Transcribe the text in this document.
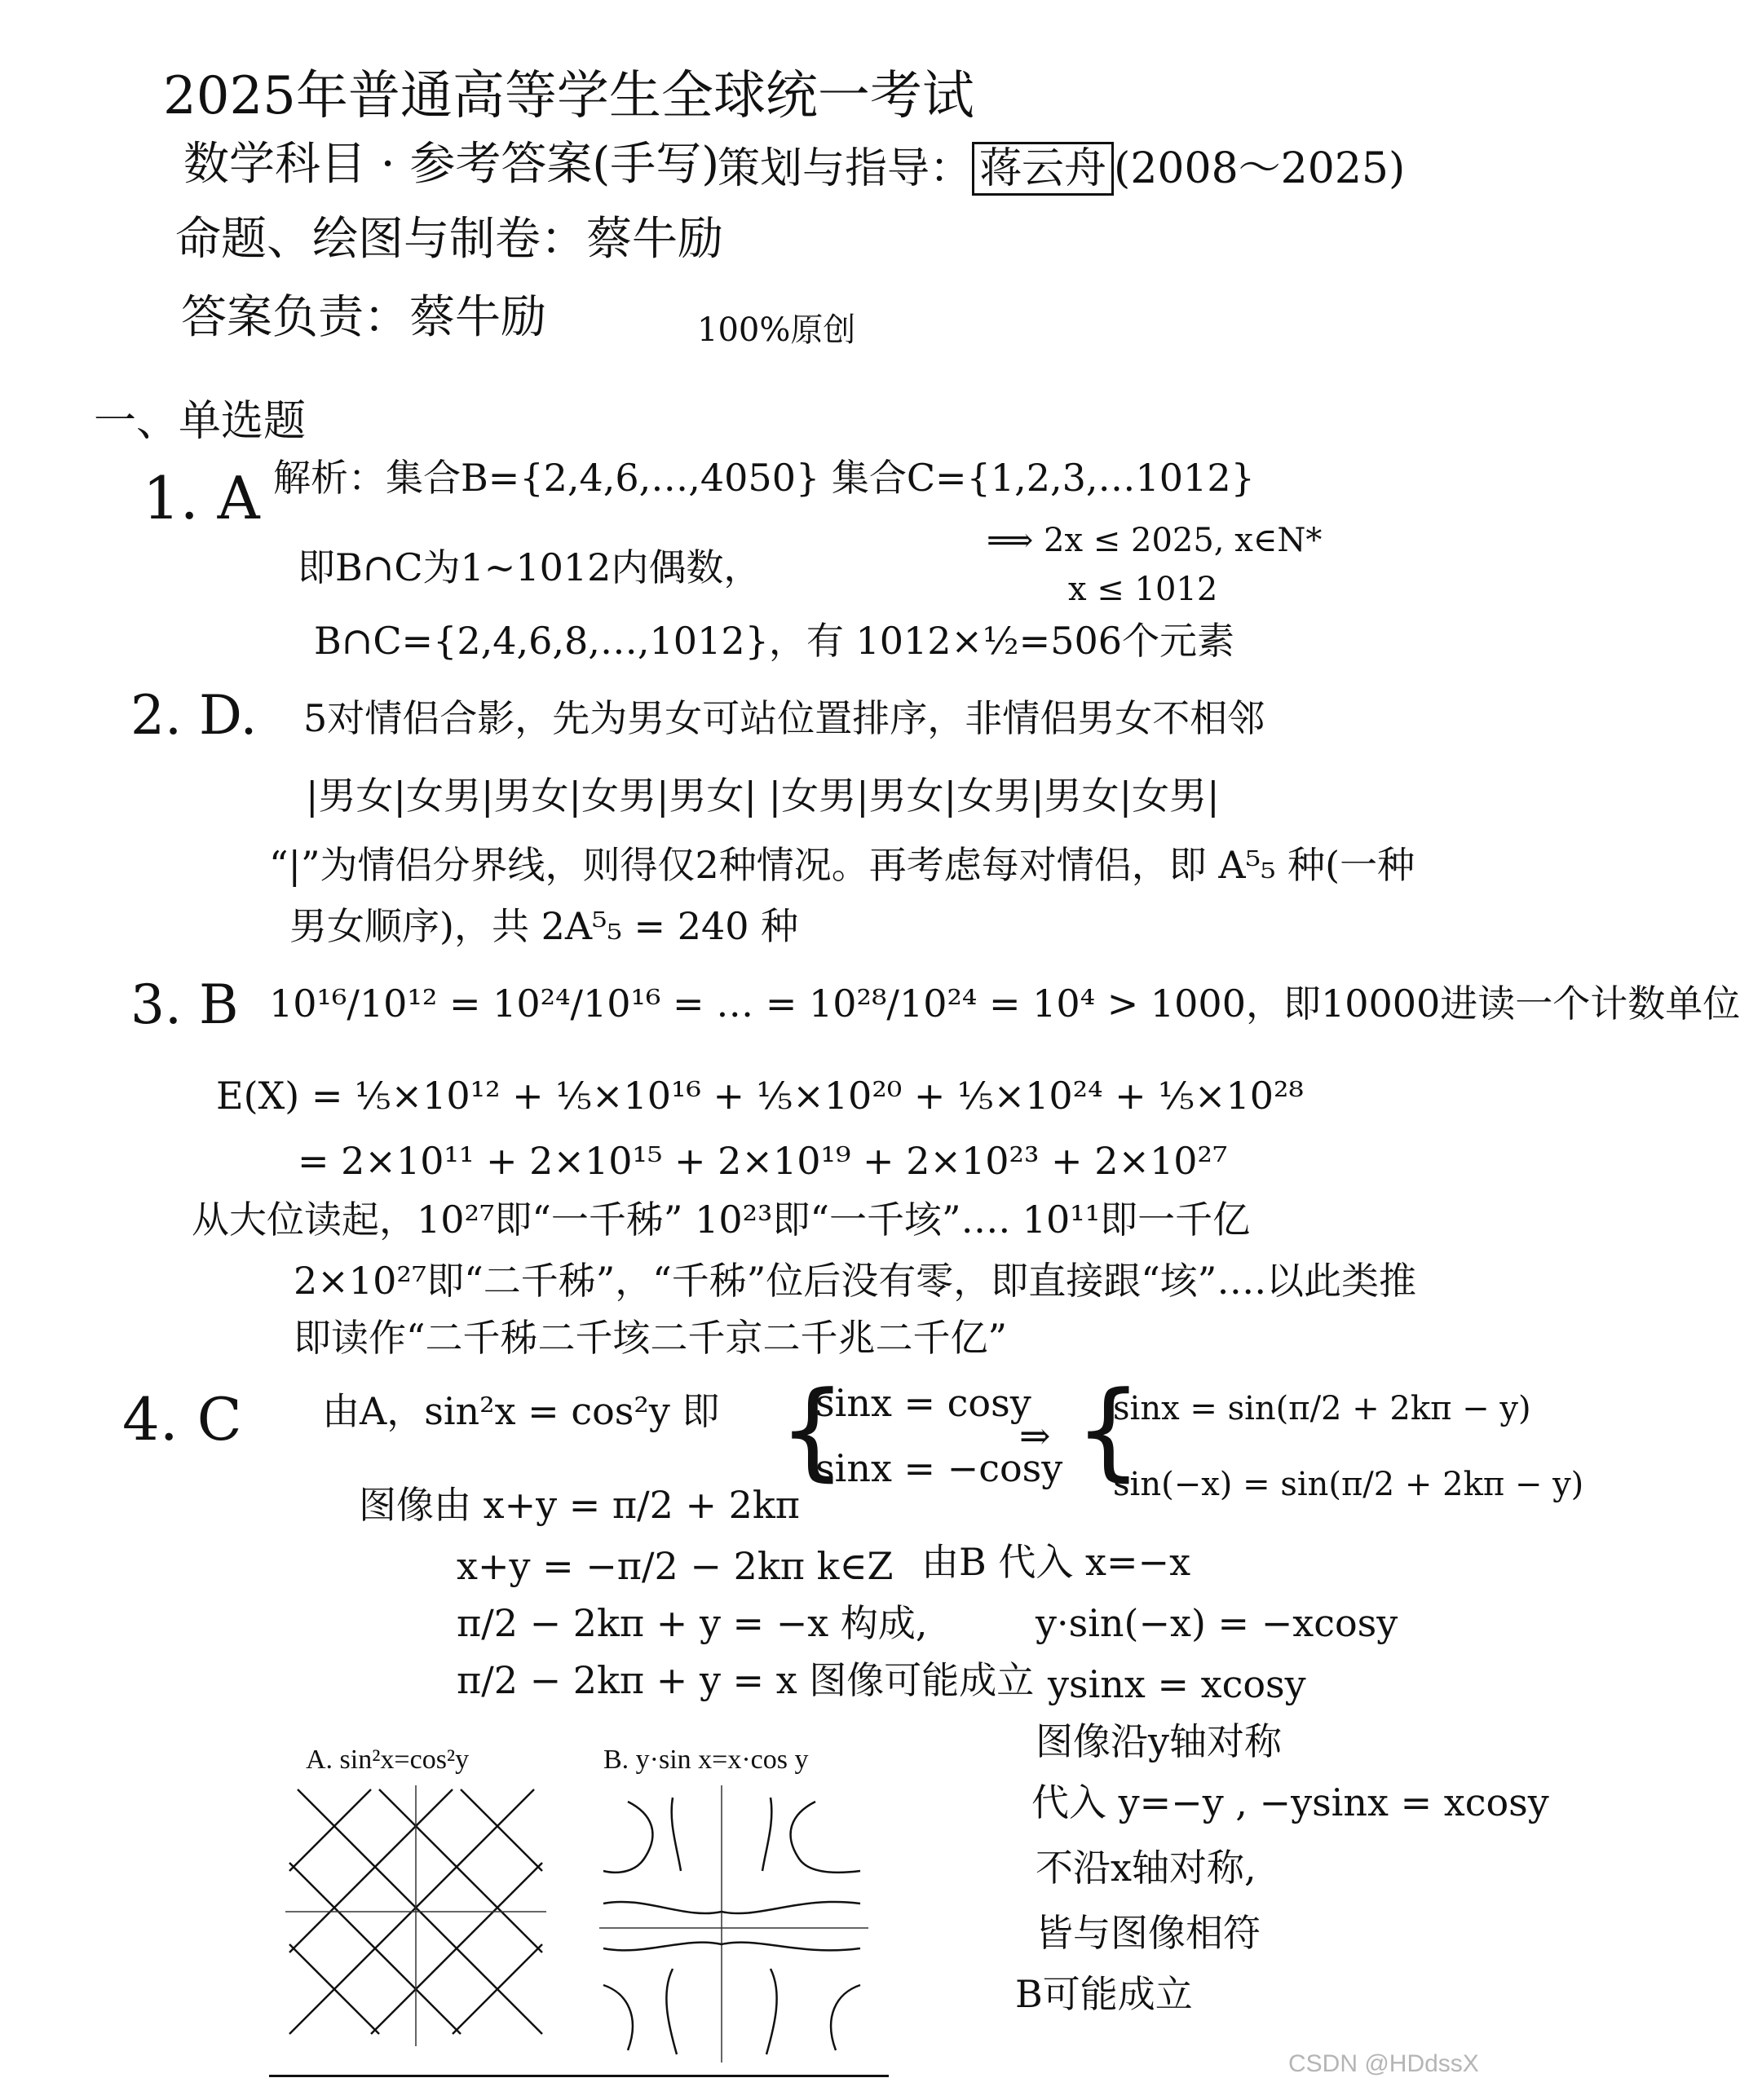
2025年普通高等学生全球统一考试
数学科目 · 参考答案(手写)
策划与指导： 蒋云舟 (2008～2025)
命题、绘图与制卷：蔡牛励
答案负责：蔡牛励	100%原创
一、单选题
1. A 解析：集合B={2,4,6,…,4050} 集合C={1,2,3,…1012}
⟹ 2x ≤ 2025, x∈N*
x ≤ 1012
即B∩C为1~1012内偶数，
B∩C={2,4,6,8,…,1012}，有 1012×½=506个元素
2. D. 5对情侣合影，先为男女可站位置排序，非情侣男女不相邻
|男女|女男|男女|女男|男女| |女男|男女|女男|男女|女男|
“|”为情侣分界线，则得仅2种情况。再考虑每对情侣，即 A⁵₅ 种(一种
男女顺序)，共 2A⁵₅ = 240 种
3. B 10¹⁶/10¹² = 10²⁴/10¹⁶ = … = 10²⁸/10²⁴ = 10⁴ > 1000，即10000进读一个计数单位
E(X) = ⅕×10¹² + ⅕×10¹⁶ + ⅕×10²⁰ + ⅕×10²⁴ + ⅕×10²⁸
= 2×10¹¹ + 2×10¹⁵ + 2×10¹⁹ + 2×10²³ + 2×10²⁷
从大位读起，10²⁷即“一千秭” 10²³即“一千垓”…. 10¹¹即一千亿
2×10²⁷即“二千秭”，“千秭”位后没有零，即直接跟“垓”….以此类推
即读作“二千秭二千垓二千京二千兆二千亿”
4. C 由A，sin²x = cos²y 即 {
sinx = cosy
sinx = −cosy
⇒ {
sinx = sin(π/2 + 2kπ − y)
sin(−x) = sin(π/2 + 2kπ − y)
图像由 x+y = π/2 + 2kπ
x+y = −π/2 − 2kπ k∈Z
π/2 − 2kπ + y = −x 构成,
π/2 − 2kπ + y = x 图像可能成立
由B 代入 x=−x
y·sin(−x) = −xcosy
ysinx = xcosy
图像沿y轴对称
代入 y=−y , −ysinx = xcosy
不沿x轴对称,
皆与图像相符
B可能成立
A. sin²x=cos²y	B. y·sin x=x·cos y
CSDN @HDdssX
